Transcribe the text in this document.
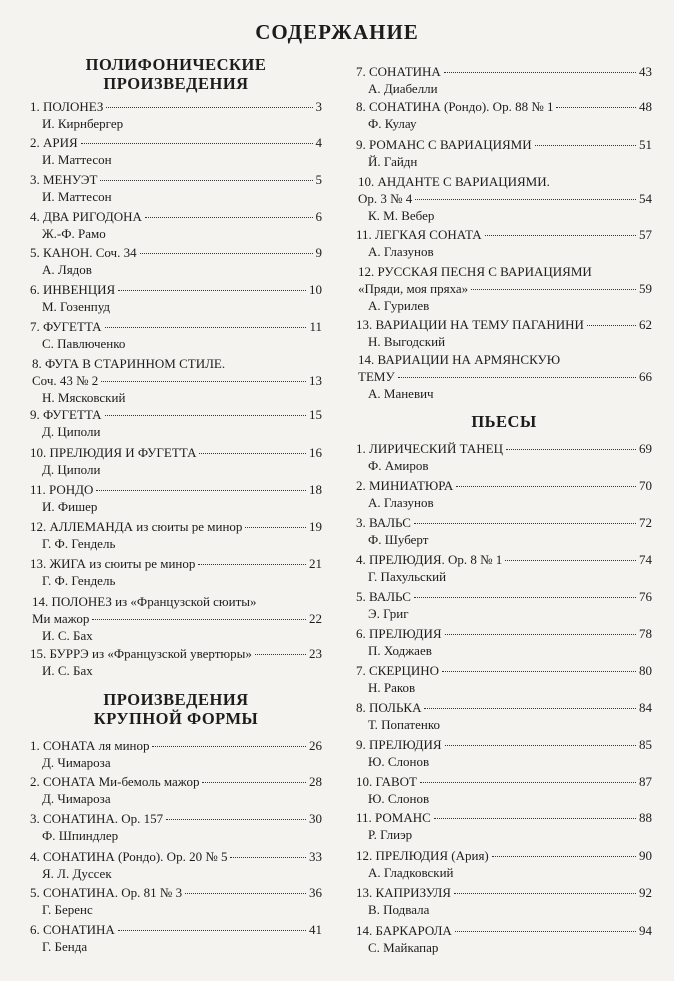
СОДЕРЖАНИЕ
ПОЛИФОНИЧЕСКИЕ
ПРОИЗВЕДЕНИЯ
1. ПОЛОНЕЗ	3
И. Кирнбергер
2. АРИЯ	4
И. Маттесон
3. МЕНУЭТ	5
И. Маттесон
4. ДВА РИГОДОНА	6
Ж.-Ф. Рамо
5. КАНОН. Соч. 34	9
А. Лядов
6. ИНВЕНЦИЯ	10
М. Гозенпуд
7. ФУГЕТТА	11
С. Павлюченко
8. ФУГА В СТАРИННОМ СТИЛЕ.
Соч. 43 № 2	13
Н. Мясковский
9. ФУГЕТТА	15
Д. Циполи
10. ПРЕЛЮДИЯ И ФУГЕТТА	16
Д. Циполи
11. РОНДО	18
И. Фишер
12. АЛЛЕМАНДА из сюиты ре минор	19
Г. Ф. Гендель
13. ЖИГА из сюиты ре минор	21
Г. Ф. Гендель
14. ПОЛОНЕЗ из «Французской сюиты»
Ми мажор	22
И. С. Бах
15. БУРРЭ из «Французской увертюры»	23
И. С. Бах
ПРОИЗВЕДЕНИЯ
КРУПНОЙ ФОРМЫ
1. СОНАТА ля минор	26
Д. Чимароза
2. СОНАТА Ми-бемоль мажор	28
Д. Чимароза
3. СОНАТИНА. Ор. 157	30
Ф. Шпиндлер
4. СОНАТИНА (Рондо). Ор. 20 № 5	33
Я. Л. Дуссек
5. СОНАТИНА. Ор. 81 № 3	36
Г. Беренс
6. СОНАТИНА	41
Г. Бенда
7. СОНАТИНА	43
А. Диабелли
8. СОНАТИНА (Рондо). Ор. 88 № 1	48
Ф. Кулау
9. РОМАНС С ВАРИАЦИЯМИ	51
Й. Гайдн
10. АНДАНТЕ С ВАРИАЦИЯМИ.
Ор. 3 № 4	54
К. М. Вебер
11. ЛЕГКАЯ СОНАТА	57
А. Глазунов
12. РУССКАЯ ПЕСНЯ С ВАРИАЦИЯМИ
«Пряди, моя пряха»	59
А. Гурилев
13. ВАРИАЦИИ НА ТЕМУ ПАГАНИНИ	62
Н. Выгодский
14. ВАРИАЦИИ НА АРМЯНСКУЮ
ТЕМУ	66
А. Маневич
ПЬЕСЫ
1. ЛИРИЧЕСКИЙ ТАНЕЦ	69
Ф. Амиров
2. МИНИАТЮРА	70
А. Глазунов
3. ВАЛЬС	72
Ф. Шуберт
4. ПРЕЛЮДИЯ. Ор. 8 № 1	74
Г. Пахульский
5. ВАЛЬС	76
Э. Григ
6. ПРЕЛЮДИЯ	78
П. Ходжаев
7. СКЕРЦИНО	80
Н. Раков
8. ПОЛЬКА	84
Т. Попатенко
9. ПРЕЛЮДИЯ	85
Ю. Слонов
10. ГАВОТ	87
Ю. Слонов
11. РОМАНС	88
Р. Глиэр
12. ПРЕЛЮДИЯ (Ария)	90
А. Гладковский
13. КАПРИЗУЛЯ	92
В. Подвала
14. БАРКАРОЛА	94
С. Майкапар
